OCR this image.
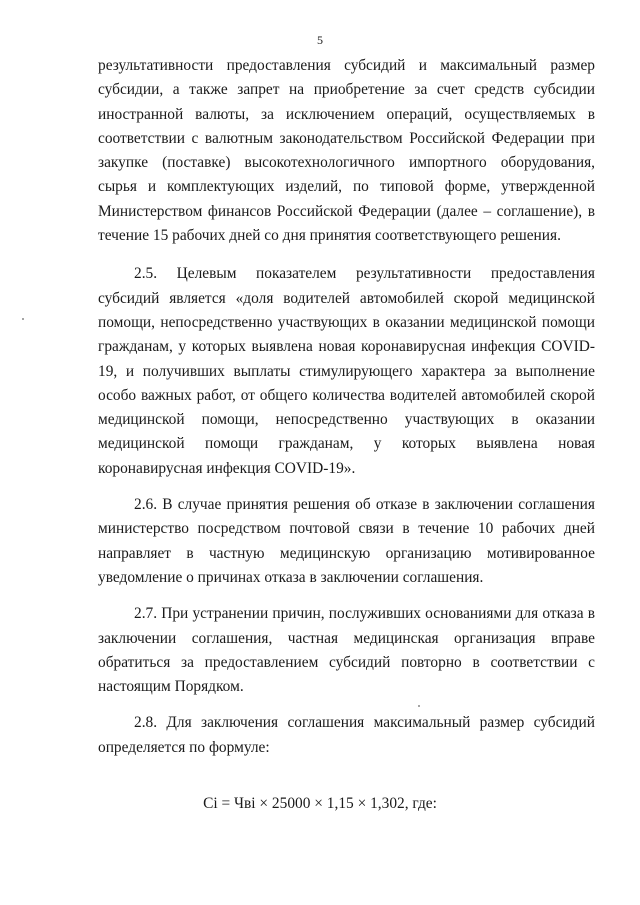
5

результативности предоставления субсидий и максимальный размер субсидии, а также запрет на приобретение за счет средств субсидии иностранной валюты, за исключением операций, осуществляемых в соответствии с валютным законодательством Российской Федерации при закупке (поставке) высокотехнологичного импортного оборудования, сырья и комплектующих изделий, по типовой форме, утвержденной Министерством финансов Российской Федерации (далее – соглашение), в течение 15 рабочих дней со дня принятия соответствующего решения.

2.5. Целевым показателем результативности предоставления субсидий является «доля водителей автомобилей скорой медицинской помощи, непосредственно участвующих в оказании медицинской помощи гражданам, у которых выявлена новая коронавирусная инфекция COVID-19, и получивших выплаты стимулирующего характера за выполнение особо важных работ, от общего количества водителей автомобилей скорой медицинской помощи, непосредственно участвующих в оказании медицинской помощи гражданам, у которых выявлена новая коронавирусная инфекция COVID-19».

2.6. В случае принятия решения об отказе в заключении соглашения министерство посредством почтовой связи в течение 10 рабочих дней направляет в частную медицинскую организацию мотивированное уведомление о причинах отказа в заключении соглашения.

2.7. При устранении причин, послуживших основаниями для отказа в заключении соглашения, частная медицинская организация вправе обратиться за предоставлением субсидий повторно в соответствии с настоящим Порядком.

2.8. Для заключения соглашения максимальный размер субсидий определяется по формуле:

Ci = Чвi × 25000 × 1,15 × 1,302, где:
